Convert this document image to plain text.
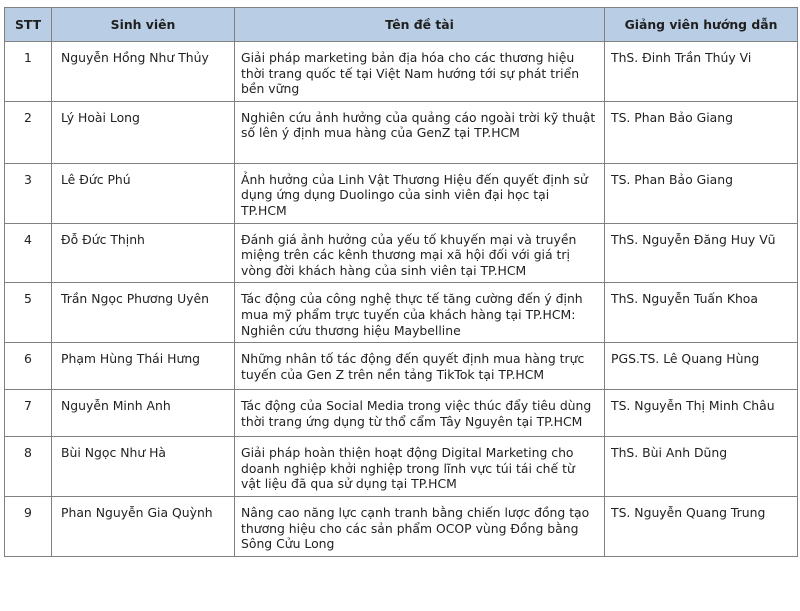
STT	Sinh viên	Tên đề tài	Giảng viên hướng dẫn
1	Nguyễn Hồng Như Thủy	Giải pháp marketing bản địa hóa cho các thương hiệu thời trang quốc tế tại Việt Nam hướng tới sự phát triển bền vững	ThS. Đinh Trần Thúy Vi
2	Lý Hoài Long	Nghiên cứu ảnh hưởng của quảng cáo ngoài trời kỹ thuật số lên ý định mua hàng của GenZ tại TP.HCM	TS. Phan Bảo Giang
3	Lê Đức Phú	Ảnh hưởng của Linh Vật Thương Hiệu đến quyết định sử dụng ứng dụng Duolingo của sinh viên đại học tại TP.HCM	TS. Phan Bảo Giang
4	Đỗ Đức Thịnh	Đánh giá ảnh hưởng của yếu tố khuyến mại và truyền miệng trên các kênh thương mại xã hội đối với giá trị vòng đời khách hàng của sinh viên tại TP.HCM	ThS. Nguyễn Đăng Huy Vũ
5	Trần Ngọc Phương Uyên	Tác động của công nghệ thực tế tăng cường đến ý định mua mỹ phẩm trực tuyến của khách hàng tại TP.HCM: Nghiên cứu thương hiệu Maybelline	ThS. Nguyễn Tuấn Khoa
6	Phạm Hùng Thái Hưng	Những nhân tố tác động đến quyết định mua hàng trực tuyến của Gen Z trên nền tảng TikTok tại TP.HCM	PGS.TS. Lê Quang Hùng
7	Nguyễn Minh Anh	Tác động của Social Media trong việc thúc đẩy tiêu dùng thời trang ứng dụng từ thổ cẩm Tây Nguyên tại TP.HCM	TS. Nguyễn Thị Minh Châu
8	Bùi Ngọc Như Hà	Giải pháp hoàn thiện hoạt động Digital Marketing cho doanh nghiệp khởi nghiệp trong lĩnh vực túi tái chế từ vật liệu đã qua sử dụng tại TP.HCM	ThS. Bùi Anh Dũng
9	Phan Nguyễn Gia Quỳnh	Nâng cao năng lực cạnh tranh bằng chiến lược đồng tạo thương hiệu cho các sản phẩm OCOP vùng Đồng bằng Sông Cửu Long	TS. Nguyễn Quang Trung
